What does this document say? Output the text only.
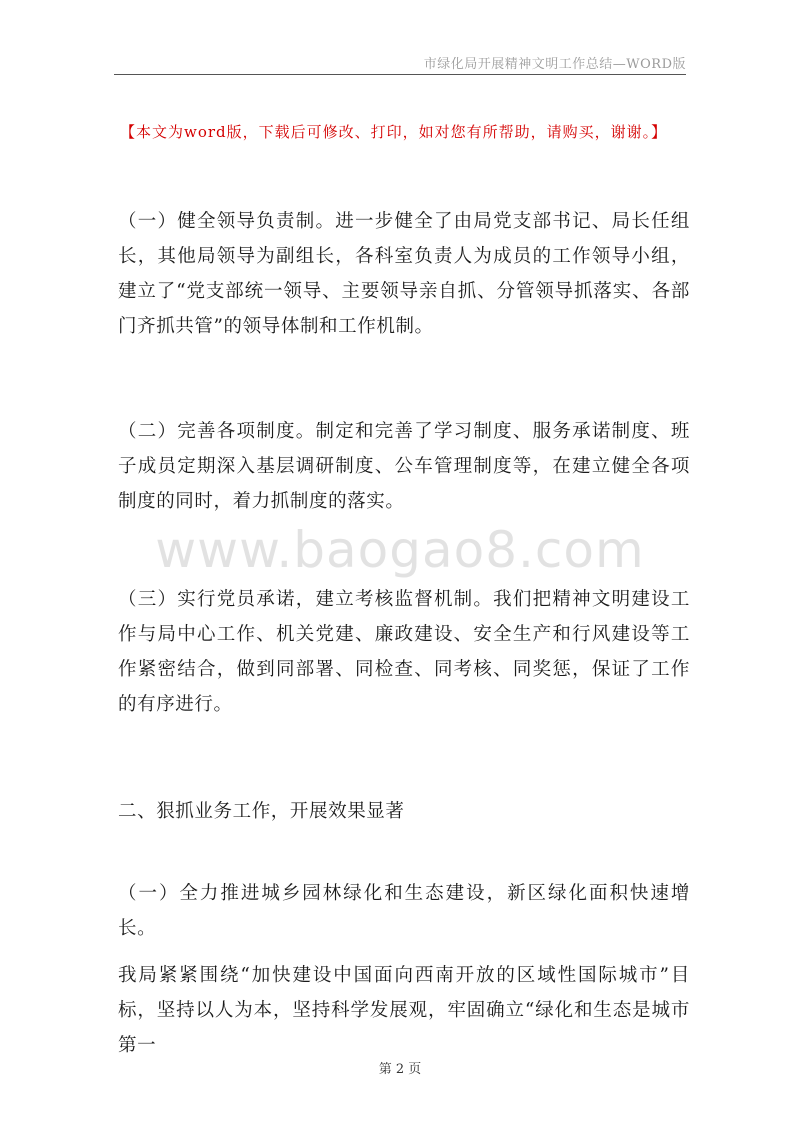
市绿化局开展精神文明工作总结—WORD版
【本文为word版，下载后可修改、打印，如对您有所帮助，请购买，谢谢。】

（一）健全领导负责制。进一步健全了由局党支部书记、局长任组长，其他局领导为副组长，各科室负责人为成员的工作领导小组，建立了“党支部统一领导、主要领导亲自抓、分管领导抓落实、各部门齐抓共管”的领导体制和工作机制。

（二）完善各项制度。制定和完善了学习制度、服务承诺制度、班子成员定期深入基层调研制度、公车管理制度等，在建立健全各项制度的同时，着力抓制度的落实。

（三）实行党员承诺，建立考核监督机制。我们把精神文明建设工作与局中心工作、机关党建、廉政建设、安全生产和行风建设等工作紧密结合，做到同部署、同检查、同考核、同奖惩，保证了工作的有序进行。

二、狠抓业务工作，开展效果显著

（一）全力推进城乡园林绿化和生态建设，新区绿化面积快速增长。

我局紧紧围绕“加快建设中国面向西南开放的区域性国际城市”目标，坚持以人为本，坚持科学发展观，牢固确立“绿化和生态是城市第一

www.baogao8.com
第 2 页
